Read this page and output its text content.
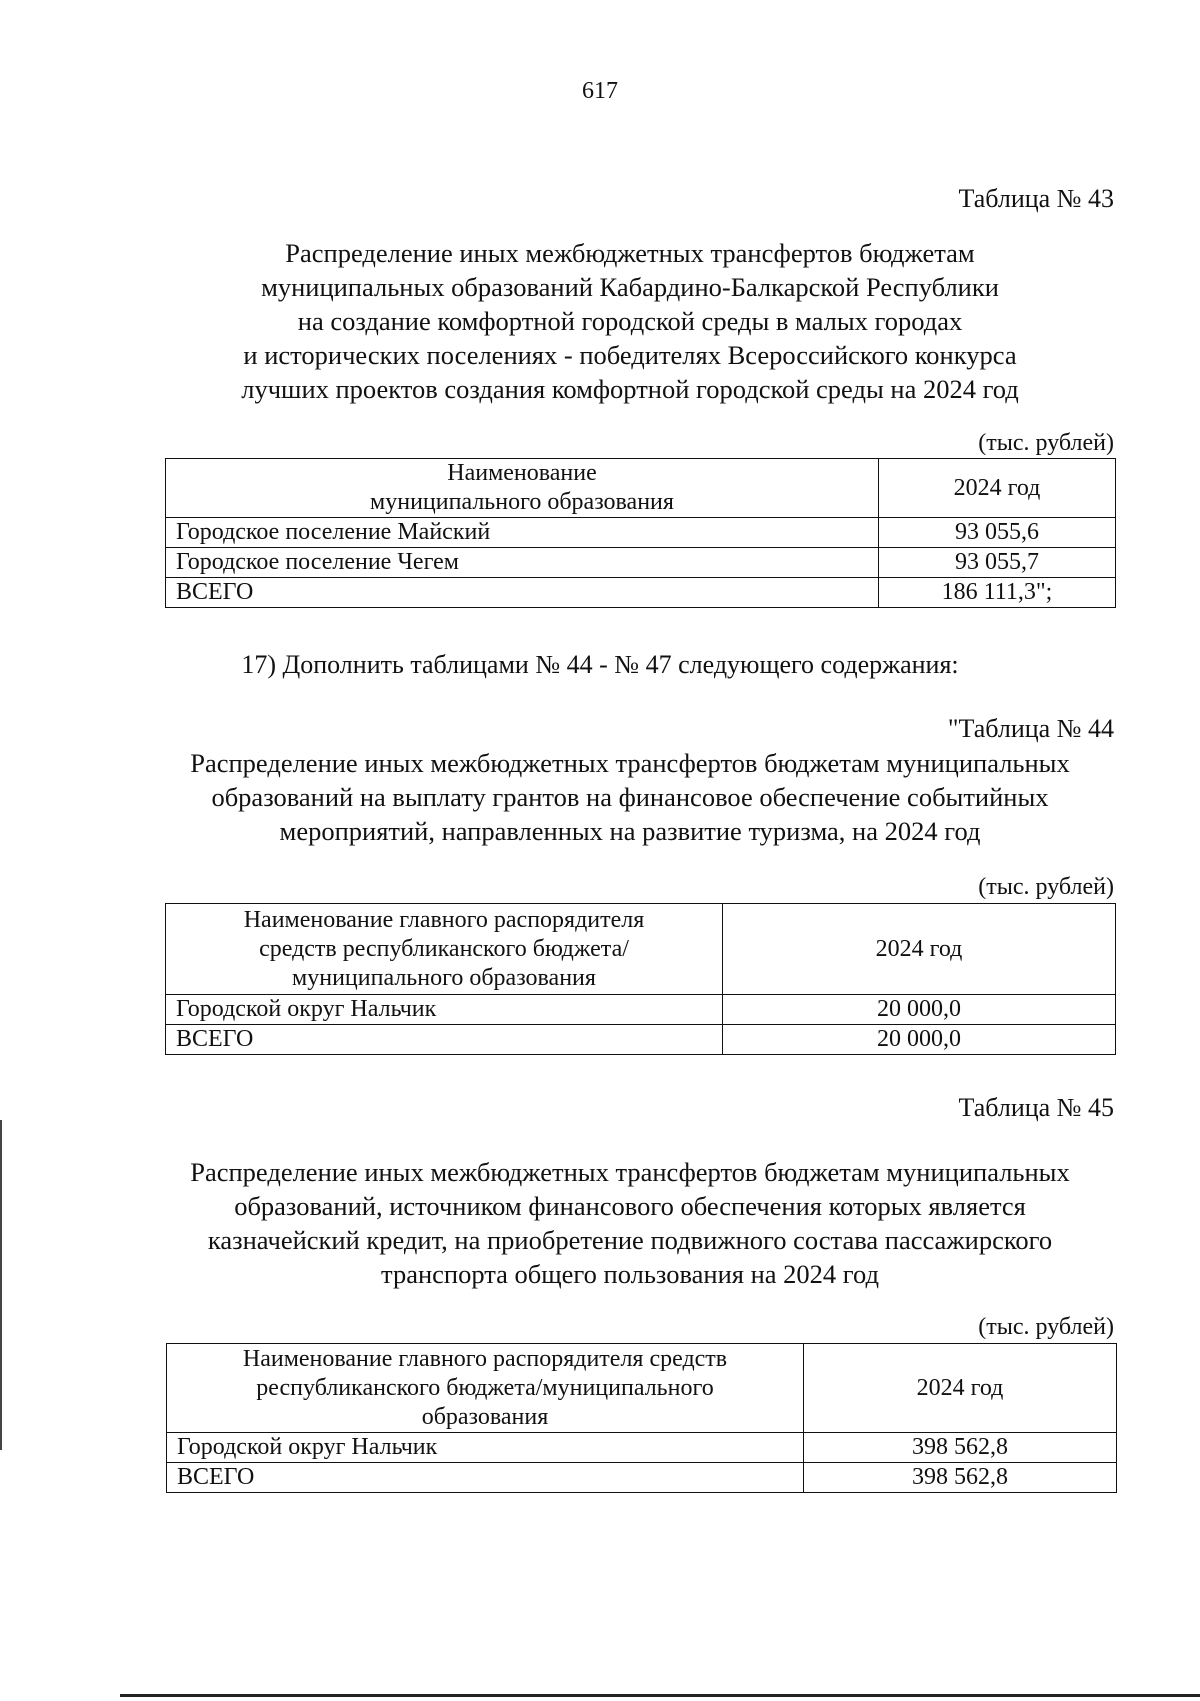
617
Таблица № 43
Распределение иных межбюджетных трансфертов бюджетам
муниципальных образований Кабардино-Балкарской Республики
на создание комфортной городской среды в малых городах
и исторических поселениях - победителях Всероссийского конкурса
лучших проектов создания комфортной городской среды на 2024 год
(тыс. рублей)
Наименование
муниципального образования	2024 год
Городское поселение Майский	93 055,6
Городское поселение Чегем	93 055,7
ВСЕГО	186 111,3";
17) Дополнить таблицами № 44 - № 47 следующего содержания:
"Таблица № 44
Распределение иных межбюджетных трансфертов бюджетам муниципальных
образований на выплату грантов на финансовое обеспечение событийных
мероприятий, направленных на развитие туризма, на 2024 год
(тыс. рублей)
Наименование главного распорядителя
средств республиканского бюджета/
муниципального образования	2024 год
Городской округ Нальчик	20 000,0
ВСЕГО	20 000,0
Таблица № 45
Распределение иных межбюджетных трансфертов бюджетам муниципальных
образований, источником финансового обеспечения которых является
казначейский кредит, на приобретение подвижного состава пассажирского
транспорта общего пользования на 2024 год
(тыс. рублей)
Наименование главного распорядителя средств
республиканского бюджета/муниципального
образования	2024 год
Городской округ Нальчик	398 562,8
ВСЕГО	398 562,8
